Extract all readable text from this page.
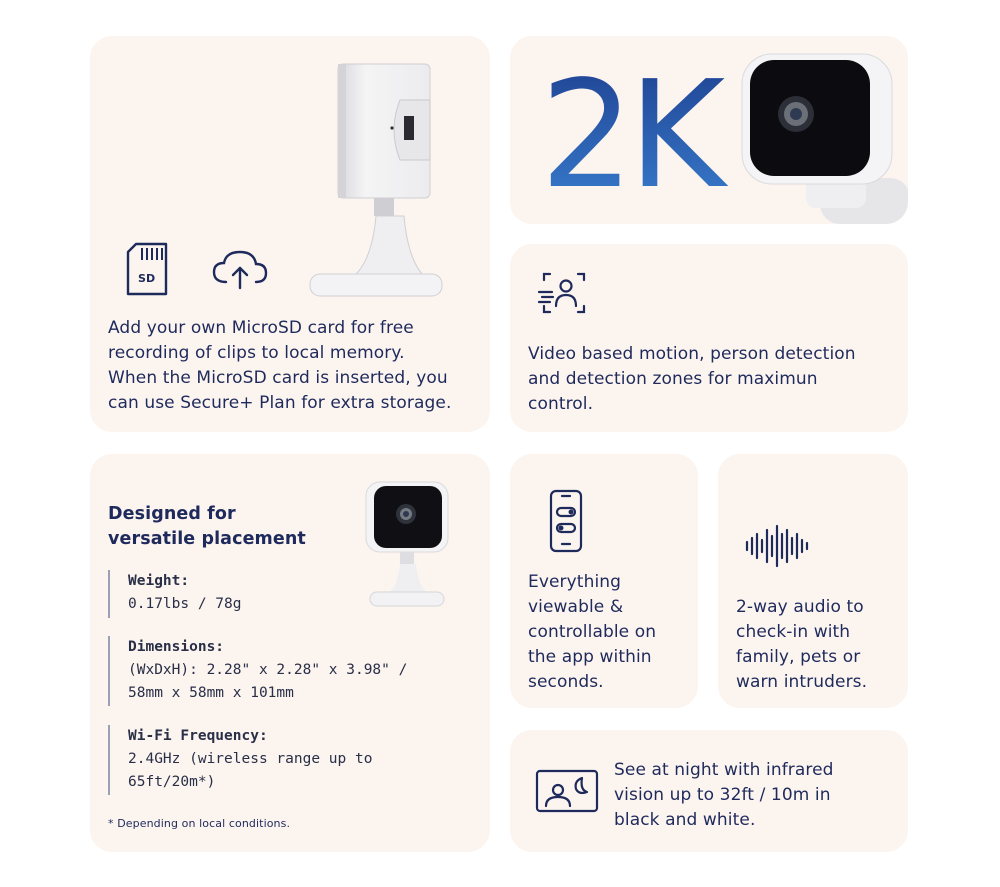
SD
Add your own MicroSD card for free
recording of clips to local memory.
When the MicroSD card is inserted, you
can use Secure+ Plan for extra storage.
2K
Video based motion, person detection
and detection zones for maximun
control.
Designed for
versatile placement
Weight:
0.17lbs / 78g
Dimensions:
(WxDxH): 2.28" x 2.28" x 3.98" /
58mm x 58mm x 101mm
Wi-Fi Frequency:
2.4GHz (wireless range up to
65ft/20m*)
* Depending on local conditions.
Everything
viewable &
controllable on
the app within
seconds.
2-way audio to
check-in with
family, pets or
warn intruders.
See at night with infrared
vision up to 32ft / 10m in
black and white.
